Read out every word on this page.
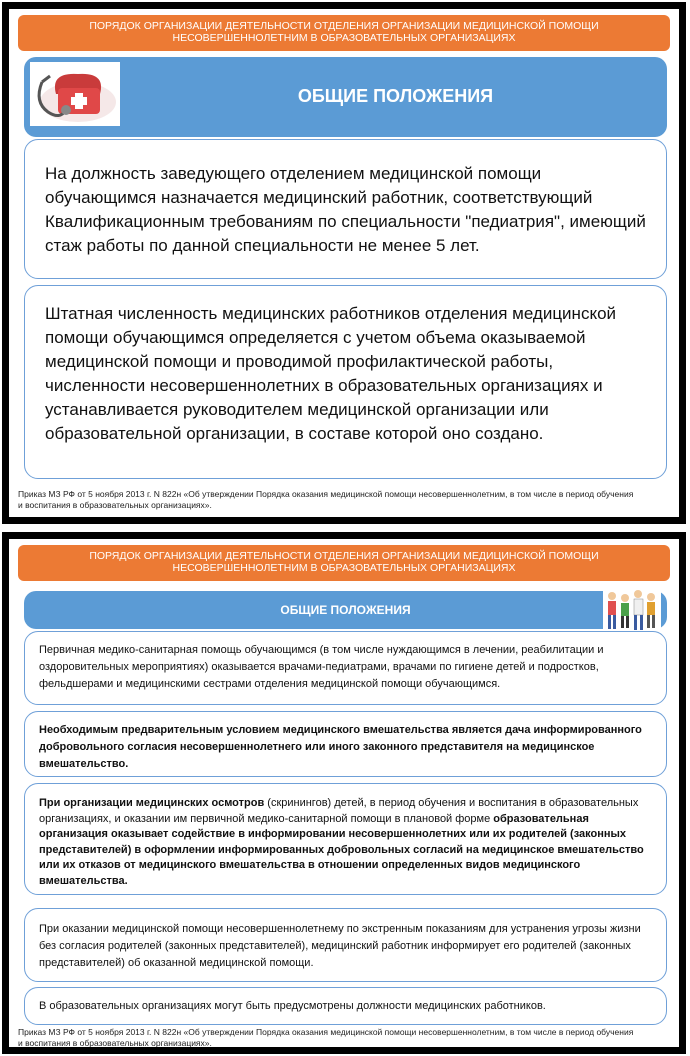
ПОРЯДОК ОРГАНИЗАЦИИ ДЕЯТЕЛЬНОСТИ ОТДЕЛЕНИЯ ОРГАНИЗАЦИИ МЕДИЦИНСКОЙ ПОМОЩИ
НЕСОВЕРШЕННОЛЕТНИМ В ОБРАЗОВАТЕЛЬНЫХ ОРГАНИЗАЦИЯХ
ОБЩИЕ ПОЛОЖЕНИЯ
На должность заведующего отделением медицинской помощи обучающимся назначается медицинский работник, соответствующий Квалификационным требованиям по специальности "педиатрия", имеющий стаж работы по данной специальности не менее 5 лет.
Штатная численность медицинских работников отделения медицинской помощи обучающимся определяется с учетом объема оказываемой медицинской помощи и проводимой профилактической работы, численности несовершеннолетних в образовательных организациях и устанавливается руководителем медицинской организации или образовательной организации, в составе которой оно создано.
Приказ МЗ РФ от 5 ноября 2013 г. N 822н «Об утверждении Порядка оказания медицинской помощи несовершеннолетним, в том числе в период обучения и воспитания в образовательных организациях».
ПОРЯДОК ОРГАНИЗАЦИИ ДЕЯТЕЛЬНОСТИ ОТДЕЛЕНИЯ ОРГАНИЗАЦИИ МЕДИЦИНСКОЙ ПОМОЩИ
НЕСОВЕРШЕННОЛЕТНИМ В ОБРАЗОВАТЕЛЬНЫХ ОРГАНИЗАЦИЯХ
ОБЩИЕ ПОЛОЖЕНИЯ
Первичная медико-санитарная помощь обучающимся (в том числе нуждающимся в лечении, реабилитации и оздоровительных мероприятиях) оказывается врачами-педиатрами, врачами по гигиене детей и подростков, фельдшерами и медицинскими сестрами отделения медицинской помощи обучающимся.
Необходимым предварительным условием медицинского вмешательства является дача информированного добровольного согласия несовершеннолетнего или иного законного представителя на медицинское вмешательство.
При организации медицинских осмотров (скринингов) детей, в период обучения и воспитания в образовательных организациях, и оказании им первичной медико-санитарной помощи в плановой форме образовательная организация оказывает содействие в информировании несовершеннолетних или их родителей (законных представителей) в оформлении информированных добровольных согласий на медицинское вмешательство или их отказов от медицинского вмешательства в отношении определенных видов медицинского вмешательства.
При оказании медицинской помощи несовершеннолетнему по экстренным показаниям для устранения угрозы жизни без согласия родителей (законных представителей), медицинский работник информирует его родителей (законных представителей) об оказанной медицинской помощи.
В образовательных организациях могут быть предусмотрены должности медицинских работников.
Приказ МЗ РФ от 5 ноября 2013 г. N 822н «Об утверждении Порядка оказания медицинской помощи несовершеннолетним, в том числе в период обучения и воспитания в образовательных организациях».
